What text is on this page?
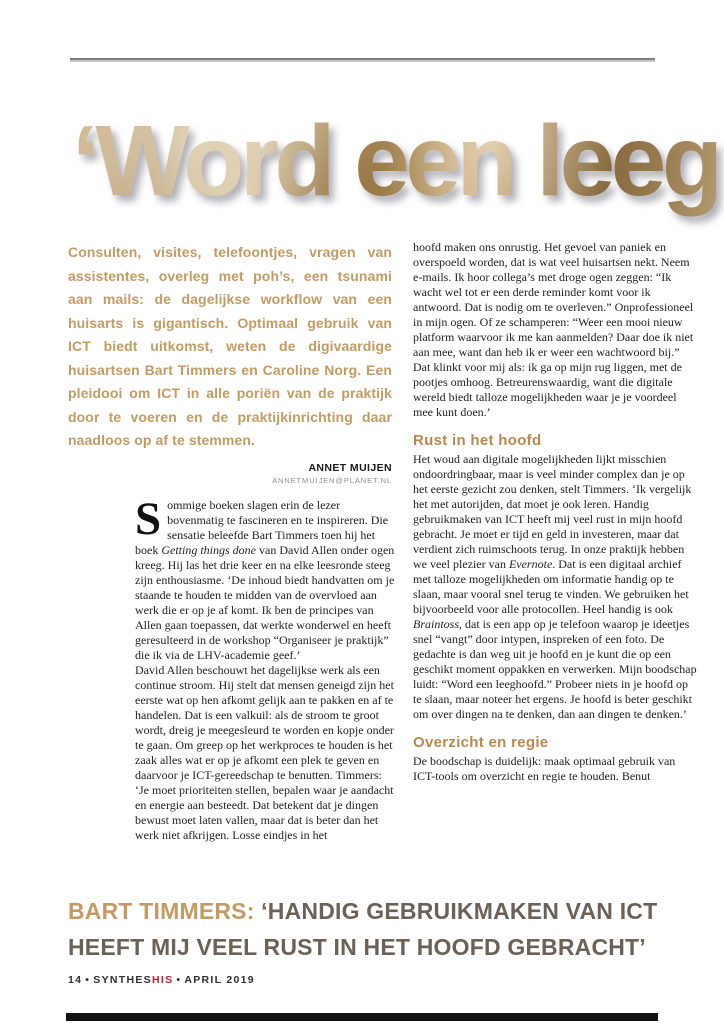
‘Word een leeg
Consulten, visites, telefoontjes, vragen van assistentes, overleg met poh’s, een tsunami aan mails: de dagelijkse workflow van een huisarts is gigantisch. Optimaal gebruik van ICT biedt uitkomst, weten de digivaardige huisartsen Bart Timmers en Caroline Norg. Een pleidooi om ICT in alle poriën van de praktijk door te voeren en de praktijkinrichting daar naadloos op af te stemmen.
ANNET MUIJEN
ANNETMUIJEN@PLANET.NL

Sommige boeken slagen erin de lezer bovenmatig te fascineren en te inspireren. Die sensatie beleefde Bart Timmers toen hij het boek Getting things done van David Allen onder ogen kreeg. Hij las het drie keer en na elke leesronde steeg zijn enthousiasme. ‘De inhoud biedt handvatten om je staande te houden te midden van de overvloed aan werk die er op je af komt. Ik ben de principes van Allen gaan toepassen, dat werkte wonderwel en heeft geresulteerd in de workshop “Organiseer je praktijk” die ik via de LHV-academie geef.’

David Allen beschouwt het dagelijkse werk als een continue stroom. Hij stelt dat mensen geneigd zijn het eerste wat op hen afkomt gelijk aan te pakken en af te handelen. Dat is een valkuil: als de stroom te groot wordt, dreig je meegesleurd te worden en kopje onder te gaan. Om greep op het werkproces te houden is het zaak alles wat er op je afkomt een plek te geven en daarvoor je ICT-gereedschap te benutten. Timmers: ‘Je moet prioriteiten stellen, bepalen waar je aandacht en energie aan besteedt. Dat betekent dat je dingen bewust moet laten vallen, maar dat is beter dan het werk niet afkrijgen. Losse eindjes in het

hoofd maken ons onrustig. Het gevoel van paniek en overspoeld worden, dat is wat veel huisartsen nekt. Neem e-mails. Ik hoor collega’s met droge ogen zeggen: “Ik wacht wel tot er een derde reminder komt voor ik antwoord. Dat is nodig om te overleven.” Onprofessioneel in mijn ogen. Of ze schamperen: “Weer een mooi nieuw platform waarvoor ik me kan aanmelden? Daar doe ik niet aan mee, want dan heb ik er weer een wachtwoord bij.” Dat klinkt voor mij als: ik ga op mijn rug liggen, met de pootjes omhoog. Betreurenswaardig, want die digitale wereld biedt talloze mogelijkheden waar je je voordeel mee kunt doen.’

Rust in het hoofd

Het woud aan digitale mogelijkheden lijkt misschien ondoordringbaar, maar is veel minder complex dan je op het eerste gezicht zou denken, stelt Timmers. ‘Ik vergelijk het met autorijden, dat moet je ook leren. Handig gebruikmaken van ICT heeft mij veel rust in mijn hoofd gebracht. Je moet er tijd en geld in investeren, maar dat verdient zich ruimschoots terug. In onze praktijk hebben we veel plezier van Evernote. Dat is een digitaal archief met talloze mogelijkheden om informatie handig op te slaan, maar vooral snel terug te vinden. We gebruiken het bijvoorbeeld voor alle protocollen. Heel handig is ook Braintoss, dat is een app op je telefoon waarop je ideetjes snel “vangt” door intypen, inspreken of een foto. De gedachte is dan weg uit je hoofd en je kunt die op een geschikt moment oppakken en verwerken. Mijn boodschap luidt: “Word een leeghoofd.” Probeer niets in je hoofd op te slaan, maar noteer het ergens. Je hoofd is beter geschikt om over dingen na te denken, dan aan dingen te denken.’

Overzicht en regie

De boodschap is duidelijk: maak optimaal gebruik van ICT-tools om overzicht en regie te houden. Benut

BART TIMMERS: ‘HANDIG GEBRUIKMAKEN VAN ICT HEEFT MIJ VEEL RUST IN HET HOOFD GEBRACHT’
14 • SYNTHESHIS • APRIL 2019
